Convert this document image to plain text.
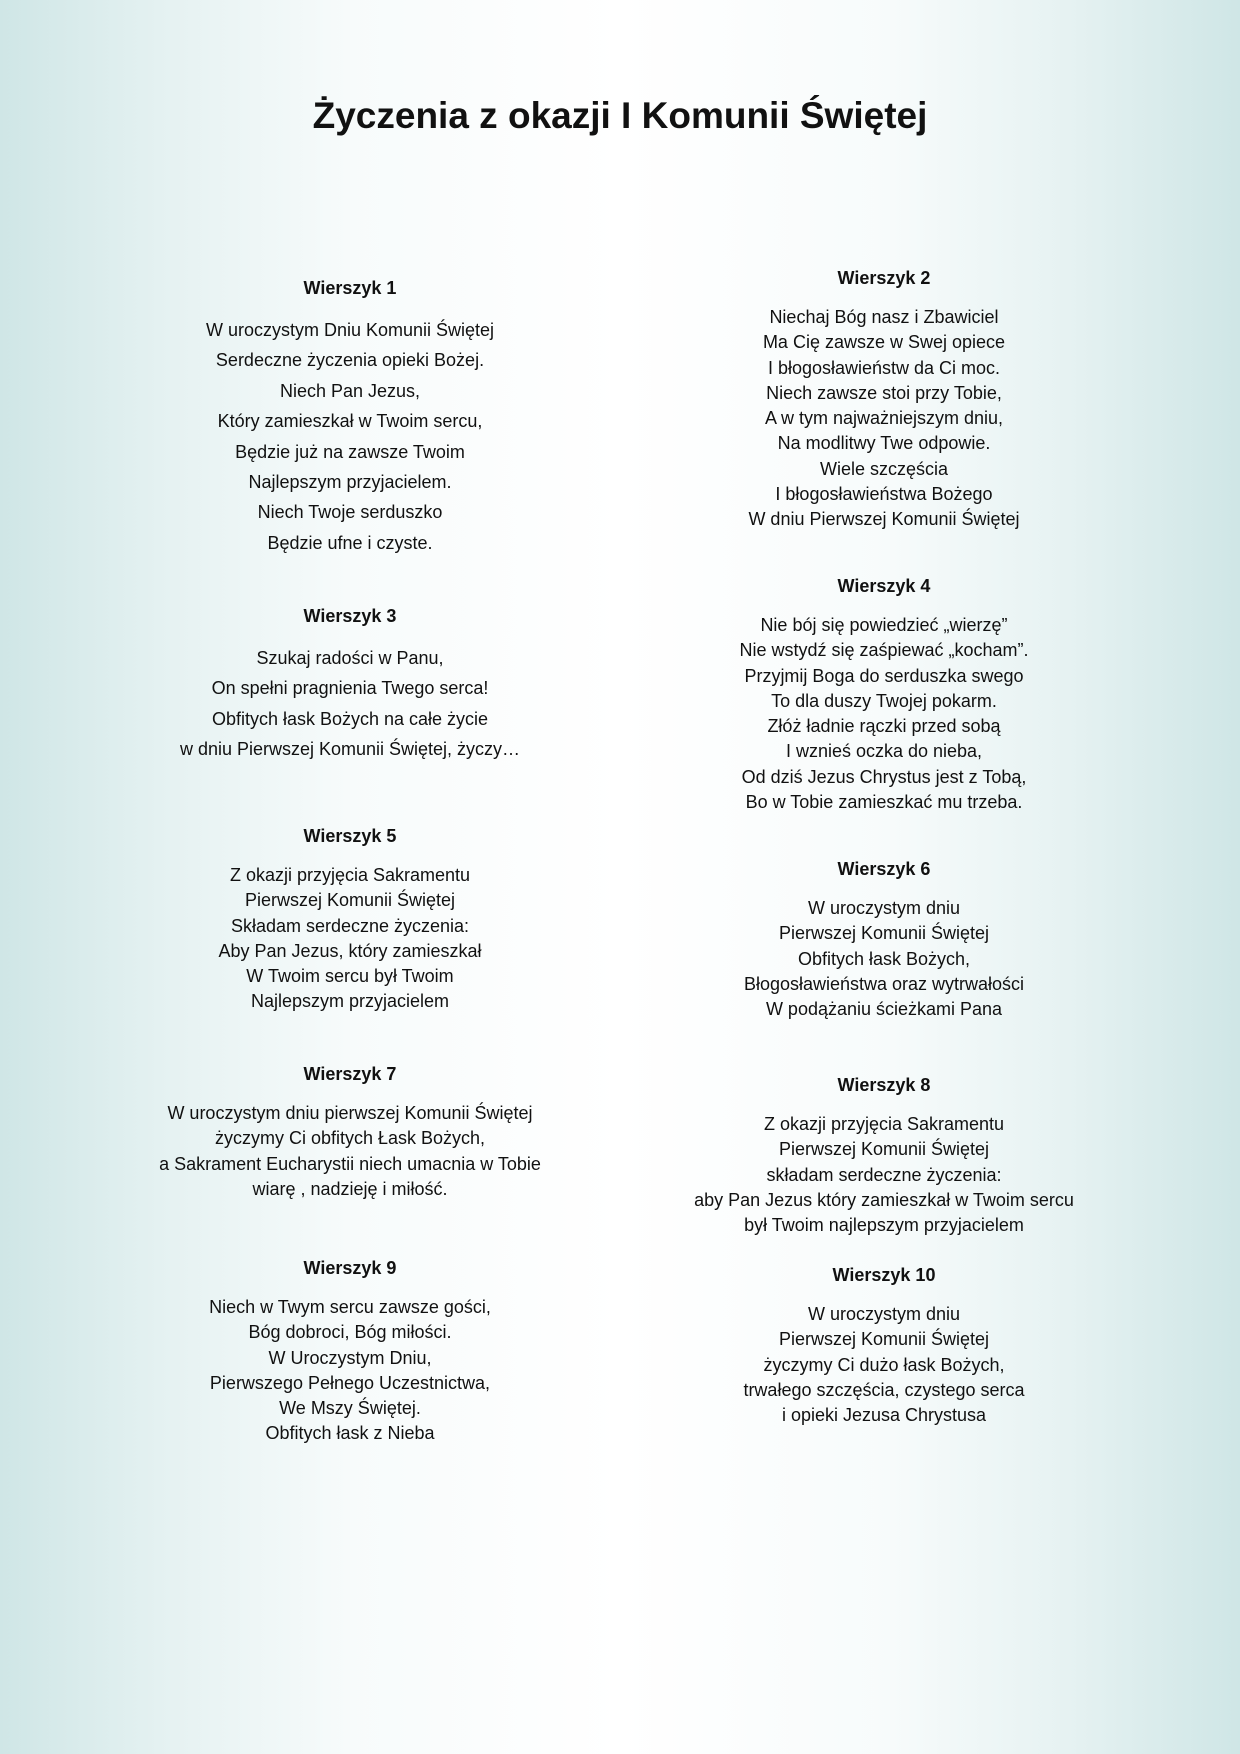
Życzenia z okazji I Komunii Świętej
Wierszyk 1
W uroczystym Dniu Komunii Świętej
Serdeczne życzenia opieki Bożej.
Niech Pan Jezus,
Który zamieszkał w Twoim sercu,
Będzie już na zawsze Twoim
Najlepszym przyjacielem.
Niech Twoje serduszko
Będzie ufne i czyste.
Wierszyk 2
Niechaj Bóg nasz i Zbawiciel
Ma Cię zawsze w Swej opiece
I błogosławieństw da Ci moc.
Niech zawsze stoi przy Tobie,
A w tym najważniejszym dniu,
Na modlitwy Twe odpowie.
Wiele szczęścia
I błogosławieństwa Bożego
W dniu Pierwszej Komunii Świętej
Wierszyk 3
Szukaj radości w Panu,
On spełni pragnienia Twego serca!
Obfitych łask Bożych na całe życie
w dniu Pierwszej Komunii Świętej, życzy…
Wierszyk 4
Nie bój się powiedzieć „wierzę”
Nie wstydź się zaśpiewać „kocham”.
Przyjmij Boga do serduszka swego
To dla duszy Twojej pokarm.
Złóż ładnie rączki przed sobą
I wznieś oczka do nieba,
Od dziś Jezus Chrystus jest z Tobą,
Bo w Tobie zamieszkać mu trzeba.
Wierszyk 5
Z okazji przyjęcia Sakramentu
Pierwszej Komunii Świętej
Składam serdeczne życzenia:
Aby Pan Jezus, który zamieszkał
W Twoim sercu był Twoim
Najlepszym przyjacielem
Wierszyk 6
W uroczystym dniu
Pierwszej Komunii Świętej
Obfitych łask Bożych,
Błogosławieństwa oraz wytrwałości
W podążaniu ścieżkami Pana
Wierszyk 7
W uroczystym dniu pierwszej Komunii Świętej
życzymy Ci obfitych Łask Bożych,
a Sakrament Eucharystii niech umacnia w Tobie
wiarę , nadzieję i miłość.
Wierszyk 8
Z okazji przyjęcia Sakramentu
Pierwszej Komunii Świętej
składam serdeczne życzenia:
aby Pan Jezus który zamieszkał w Twoim sercu
był Twoim najlepszym przyjacielem
Wierszyk 9
Niech w Twym sercu zawsze gości,
Bóg dobroci, Bóg miłości.
W Uroczystym Dniu,
Pierwszego Pełnego Uczestnictwa,
We Mszy Świętej.
Obfitych łask z Nieba
Wierszyk 10
W uroczystym dniu
Pierwszej Komunii Świętej
życzymy Ci dużo łask Bożych,
trwałego szczęścia, czystego serca
i opieki Jezusa Chrystusa
